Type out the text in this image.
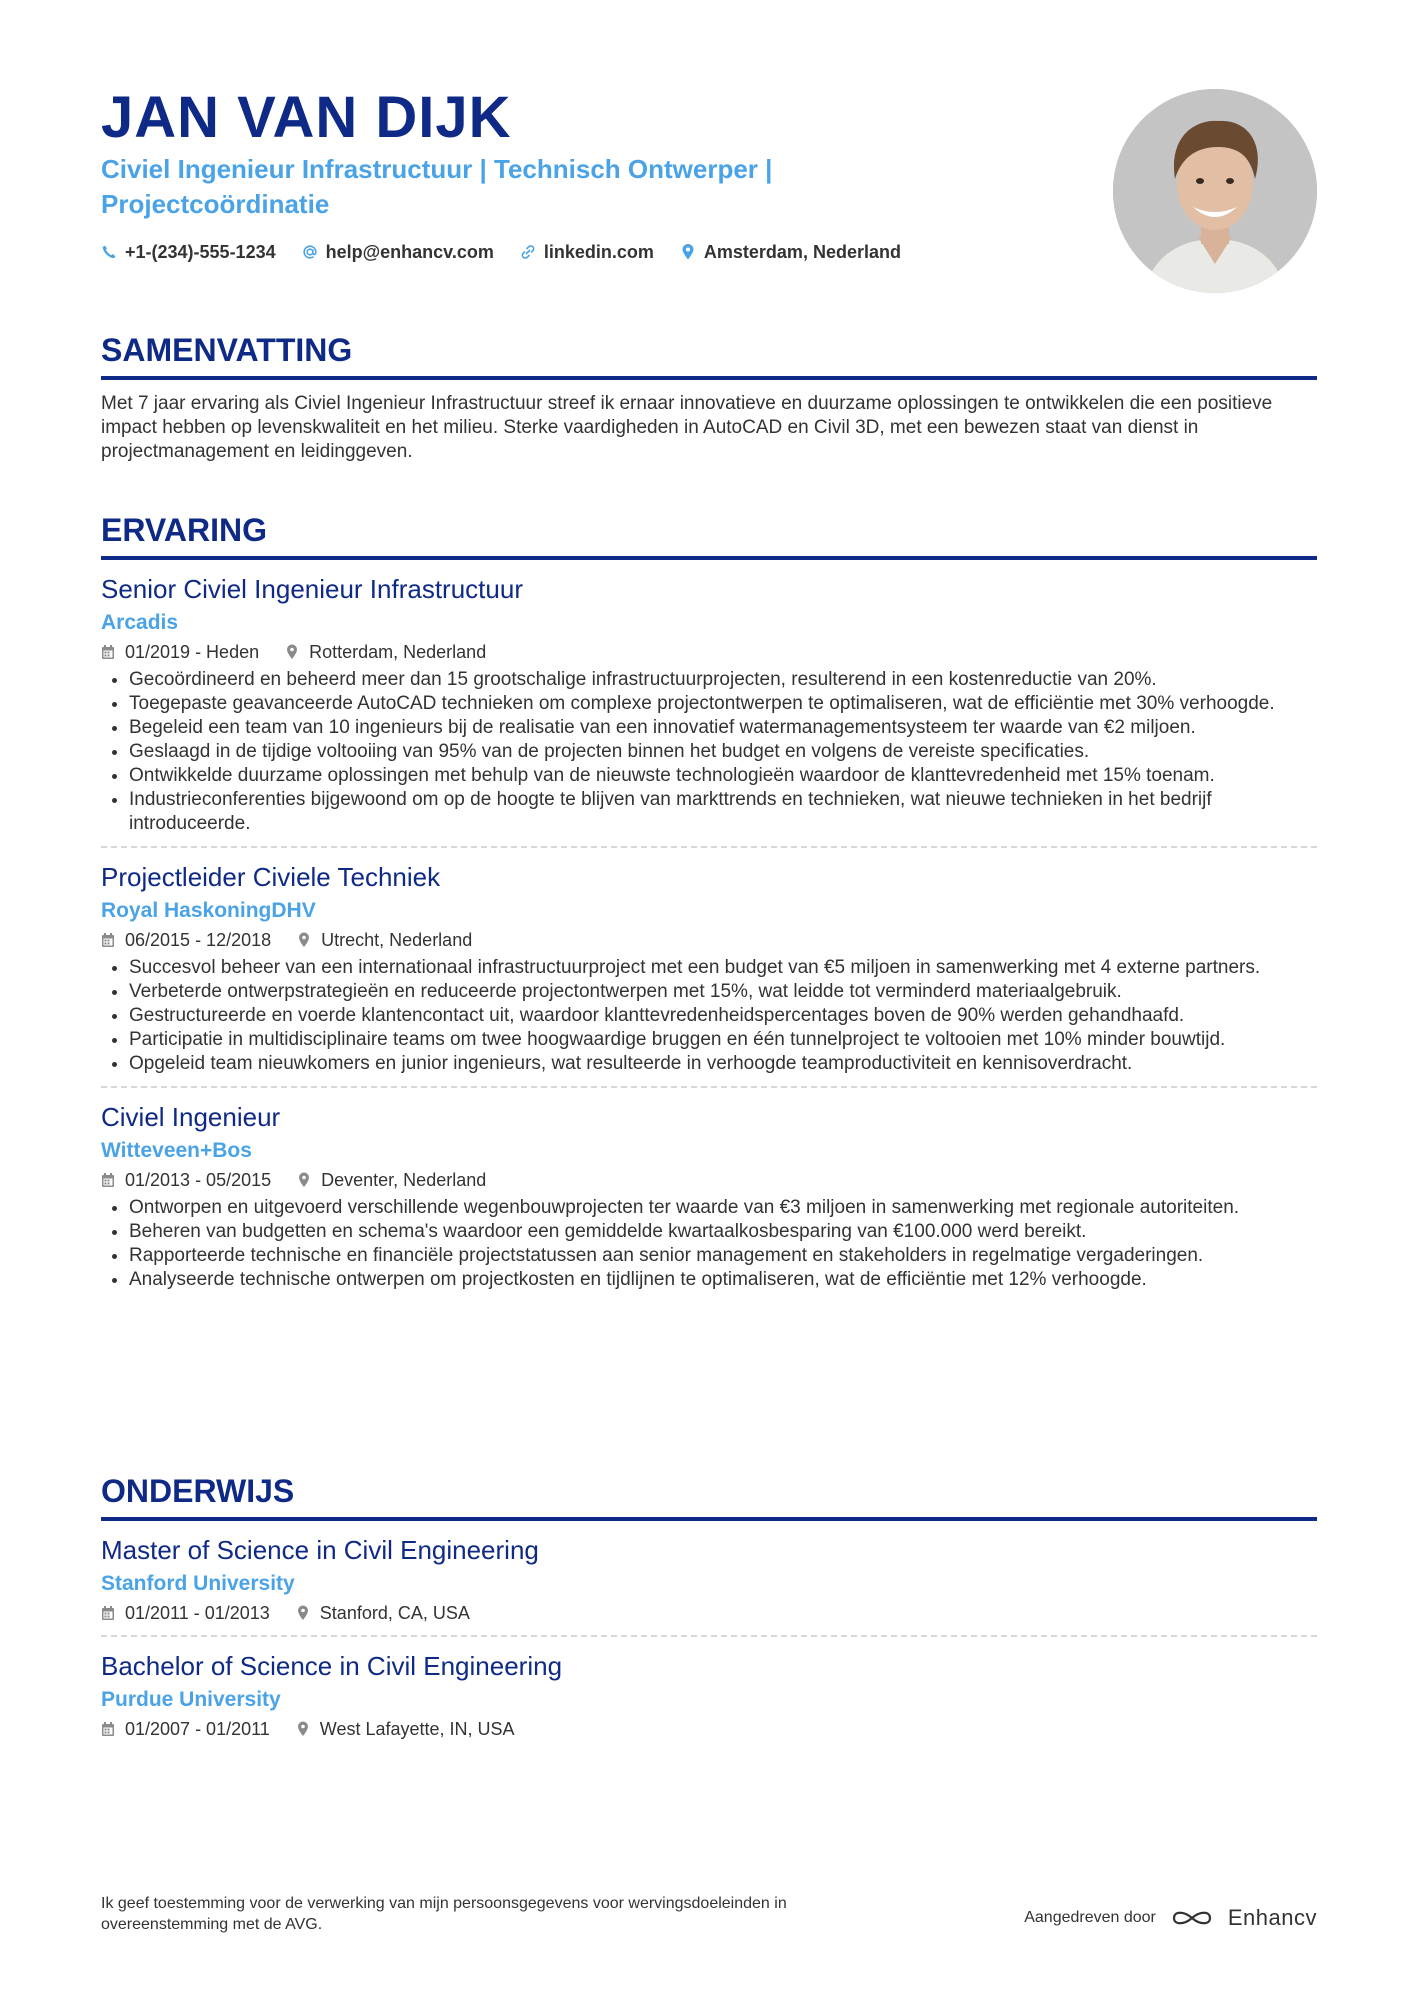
JAN VAN DIJK

Civiel Ingenieur Infrastructuur | Technisch Ontwerper | Projectcoördinatie

+1-(234)-555-1234	help@enhancv.com	linkedin.com	Amsterdam, Nederland
SAMENVATTING

Met 7 jaar ervaring als Civiel Ingenieur Infrastructuur streef ik ernaar innovatieve en duurzame oplossingen te ontwikkelen die een positieve impact hebben op levenskwaliteit en het milieu. Sterke vaardigheden in AutoCAD en Civil 3D, met een bewezen staat van dienst in projectmanagement en leidinggeven.

ERVARING
Senior Civiel Ingenieur Infrastructuur

Arcadis

01/2019 - Heden	Rotterdam, Nederland
• Gecoördineerd en beheerd meer dan 15 grootschalige infrastructuurprojecten, resulterend in een kostenreductie van 20%.
• Toegepaste geavanceerde AutoCAD technieken om complexe projectontwerpen te optimaliseren, wat de efficiëntie met 30% verhoogde.
• Begeleid een team van 10 ingenieurs bij de realisatie van een innovatief watermanagementsysteem ter waarde van €2 miljoen.
• Geslaagd in de tijdige voltooiing van 95% van de projecten binnen het budget en volgens de vereiste specificaties.
• Ontwikkelde duurzame oplossingen met behulp van de nieuwste technologieën waardoor de klanttevredenheid met 15% toenam.
• Industrieconferenties bijgewoond om op de hoogte te blijven van markttrends en technieken, wat nieuwe technieken in het bedrijf introduceerde.
Projectleider Civiele Techniek

Royal HaskoningDHV

06/2015 - 12/2018	Utrecht, Nederland
• Succesvol beheer van een internationaal infrastructuurproject met een budget van €5 miljoen in samenwerking met 4 externe partners.
• Verbeterde ontwerpstrategieën en reduceerde projectontwerpen met 15%, wat leidde tot verminderd materiaalgebruik.
• Gestructureerde en voerde klantencontact uit, waardoor klanttevredenheidspercentages boven de 90% werden gehandhaafd.
• Participatie in multidisciplinaire teams om twee hoogwaardige bruggen en één tunnelproject te voltooien met 10% minder bouwtijd.
• Opgeleid team nieuwkomers en junior ingenieurs, wat resulteerde in verhoogde teamproductiviteit en kennisoverdracht.
Civiel Ingenieur

Witteveen+Bos

01/2013 - 05/2015	Deventer, Nederland
• Ontworpen en uitgevoerd verschillende wegenbouwprojecten ter waarde van €3 miljoen in samenwerking met regionale autoriteiten.
• Beheren van budgetten en schema's waardoor een gemiddelde kwartaalkosbesparing van €100.000 werd bereikt.
• Rapporteerde technische en financiële projectstatussen aan senior management en stakeholders in regelmatige vergaderingen.
• Analyseerde technische ontwerpen om projectkosten en tijdlijnen te optimaliseren, wat de efficiëntie met 12% verhoogde.
ONDERWIJS
Master of Science in Civil Engineering

Stanford University

01/2011 - 01/2013	Stanford, CA, USA
Bachelor of Science in Civil Engineering

Purdue University

01/2007 - 01/2011	West Lafayette, IN, USA

Ik geef toestemming voor de verwerking van mijn persoonsgegevens voor wervingsdoeleinden in overeenstemming met de AVG.	Aangedreven door	Enhancv
